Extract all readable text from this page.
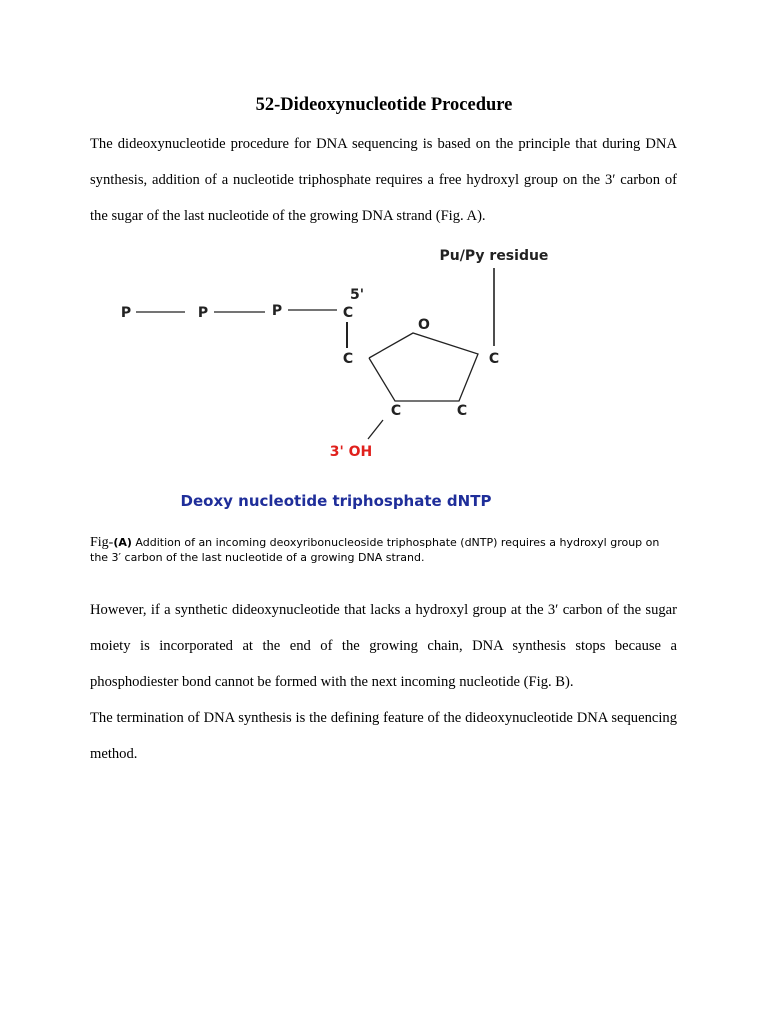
52-Dideoxynucleotide Procedure

The dideoxynucleotide procedure for DNA sequencing is based on the principle that during DNA synthesis, addition of a nucleotide triphosphate requires a free hydroxyl group on the 3′ carbon of the sugar of the last nucleotide of the growing DNA strand (Fig. A).

Pu/Py residue
5'
P	P	P	C
C
O
C
C	C
3' OH
Deoxy nucleotide triphosphate dNTP

Fig-(A) Addition of an incoming deoxyribonucleoside triphosphate (dNTP) requires a hydroxyl group on the 3′ carbon of the last nucleotide of a growing DNA strand.

However, if a synthetic dideoxynucleotide that lacks a hydroxyl group at the 3′ carbon of the sugar moiety is incorporated at the end of the growing chain, DNA synthesis stops because a phosphodiester bond cannot be formed with the next incoming nucleotide (Fig. B).

The termination of DNA synthesis is the defining feature of the dideoxynucleotide DNA sequencing method.
